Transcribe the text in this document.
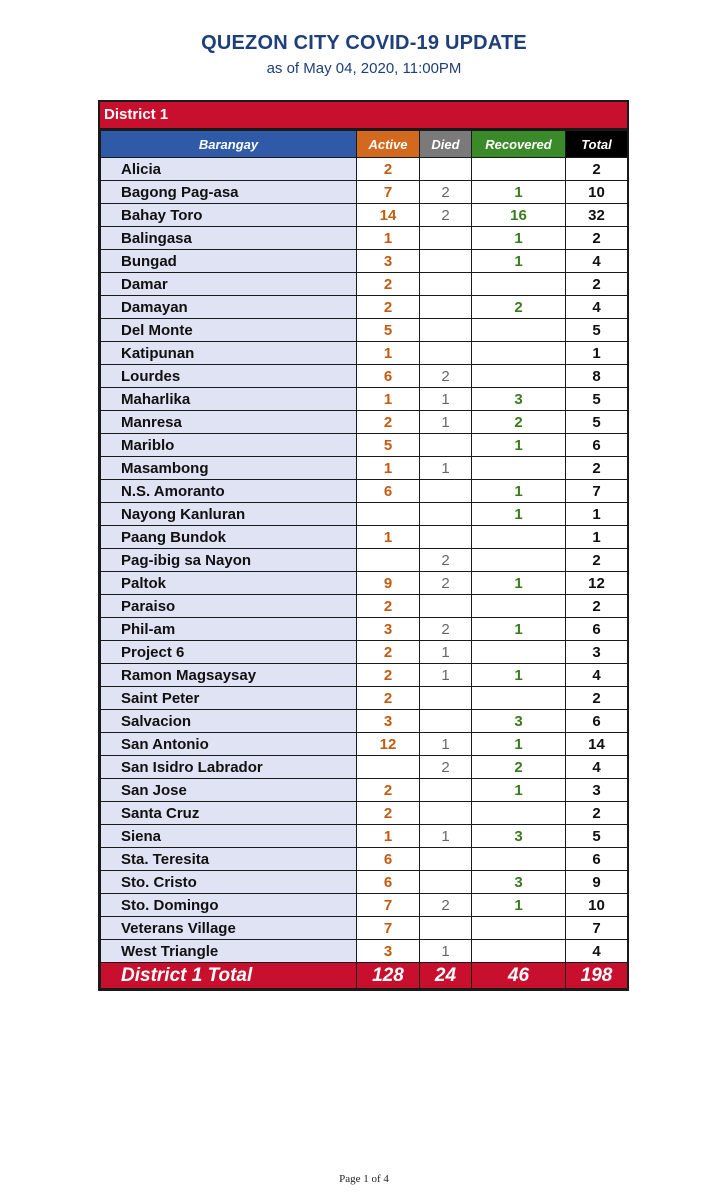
QUEZON CITY COVID-19 UPDATE
as of May 04, 2020, 11:00PM
District 1
Barangay	Active	Died	Recovered	Total
Alicia	2			2
Bagong Pag-asa	7	2	1	10
Bahay Toro	14	2	16	32
Balingasa	1		1	2
Bungad	3		1	4
Damar	2			2
Damayan	2		2	4
Del Monte	5			5
Katipunan	1			1
Lourdes	6	2		8
Maharlika	1	1	3	5
Manresa	2	1	2	5
Mariblo	5		1	6
Masambong	1	1		2
N.S. Amoranto	6		1	7
Nayong Kanluran			1	1
Paang Bundok	1			1
Pag-ibig sa Nayon		2		2
Paltok	9	2	1	12
Paraiso	2			2
Phil-am	3	2	1	6
Project 6	2	1		3
Ramon Magsaysay	2	1	1	4
Saint Peter	2			2
Salvacion	3		3	6
San Antonio	12	1	1	14
San Isidro Labrador		2	2	4
San Jose	2		1	3
Santa Cruz	2			2
Siena	1	1	3	5
Sta. Teresita	6			6
Sto. Cristo	6		3	9
Sto. Domingo	7	2	1	10
Veterans Village	7			7
West Triangle	3	1		4
District 1 Total	128	24	46	198
Page 1 of 4
